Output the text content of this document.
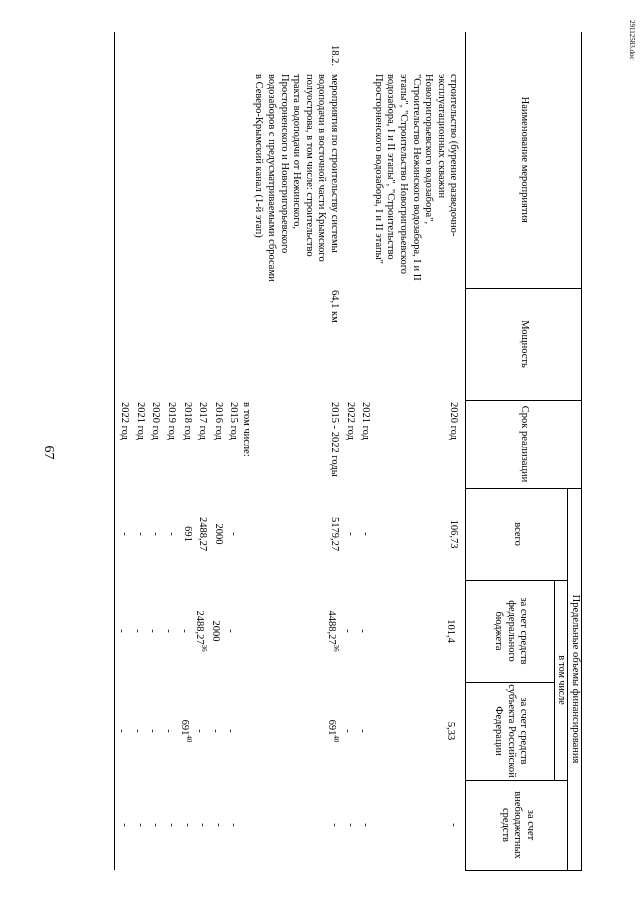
29112583.doc
Наименование мероприятия		Мощность	Срок реализации	Предельные объемы финансирования			
				всего	в том числе		за счет внебюджетных средств
					за счет средств федерального бюджета	за счет средств субъекта Российской Федерации	
	строительство (бурение разведочно-эксплуатационных скважин Новогригорьевского водозабора", "Строительство Нежинского водозабора, I и II этапы", "Строительство Новогригорьевского водозабора, I и II этапы", "Строительство Просторненского водозабора, I и II этапы"		2020 год	106,73	101,4	5,33	-
			2021 год	-	-	-	-
			2022 год	-	-	-	-
18.2.	мероприятия по строительству системы водоподачи в восточной части Крымского полуострова, в том числе: строительство тракта водоподачи от Нежинского, Просторненского и Новогригорьевского водозаборов с предусматриваемыми сбросами в Северо-Крымский канал (1-й этап)	64,1 км	2015 - 2022 годы	5179,27	4488,27$^{36}$	$691^{40}$	-
			в том числе:				
			2015 год	-	-	-	-
			2016 год	2000	2000	-	-
			2017 год	2488,27	2488,27$^{36}$	-	-
			2018 год	691	-	$691^{40}$	-
			2019 год	-	-	-	-
			2020 год	-	-	-	-
			2021 год	-	-	-	-
			2022 год	-	-	-	-
67
